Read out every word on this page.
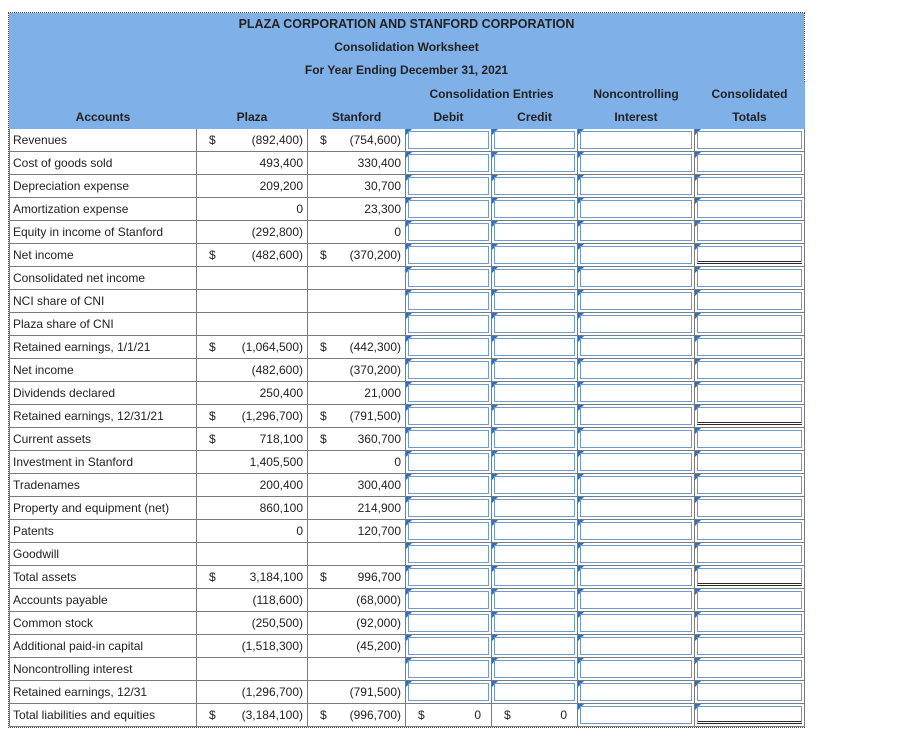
PLAZA CORPORATION AND STANFORD CORPORATION
Consolidation Worksheet
For Year Ending December 31, 2021
			Consolidation Entries		Noncontrolling	Consolidated
Accounts	Plaza	Stanford	Debit	Credit	Interest	Totals
Revenues	$ (892,400)	$ (754,600)	

Cost of goods sold	493,400	330,400	

Depreciation expense	209,200	30,700	

Amortization expense	0	23,300	

Equity in income of Stanford	(292,800)	0	

Net income	$ (482,600)	$ (370,200)	

Consolidated net income			

NCI share of CNI			

Plaza share of CNI			

Retained earnings, 1/1/21	$ (1,064,500)	$ (442,300)	

Net income	(482,600)	(370,200)	

Dividends declared	250,400	21,000	

Retained earnings, 12/31/21	$ (1,296,700)	$ (791,500)	

Current assets	$ 718,100	$ 360,700	

Investment in Stanford	1,405,500	0	

Tradenames	200,400	300,400	

Property and equipment (net)	860,100	214,900	

Patents	0	120,700	

Goodwill			

Total assets	$ 3,184,100	$ 996,700	

Accounts payable	(118,600)	(68,000)	

Common stock	(250,500)	(92,000)	

Additional paid-in capital	(1,518,300)	(45,200)	

Noncontrolling interest			

Retained earnings, 12/31	(1,296,700)	(791,500)	

Total liabilities and equities	$ (3,184,100)	$ (996,700)	$ 0	$ 0	
